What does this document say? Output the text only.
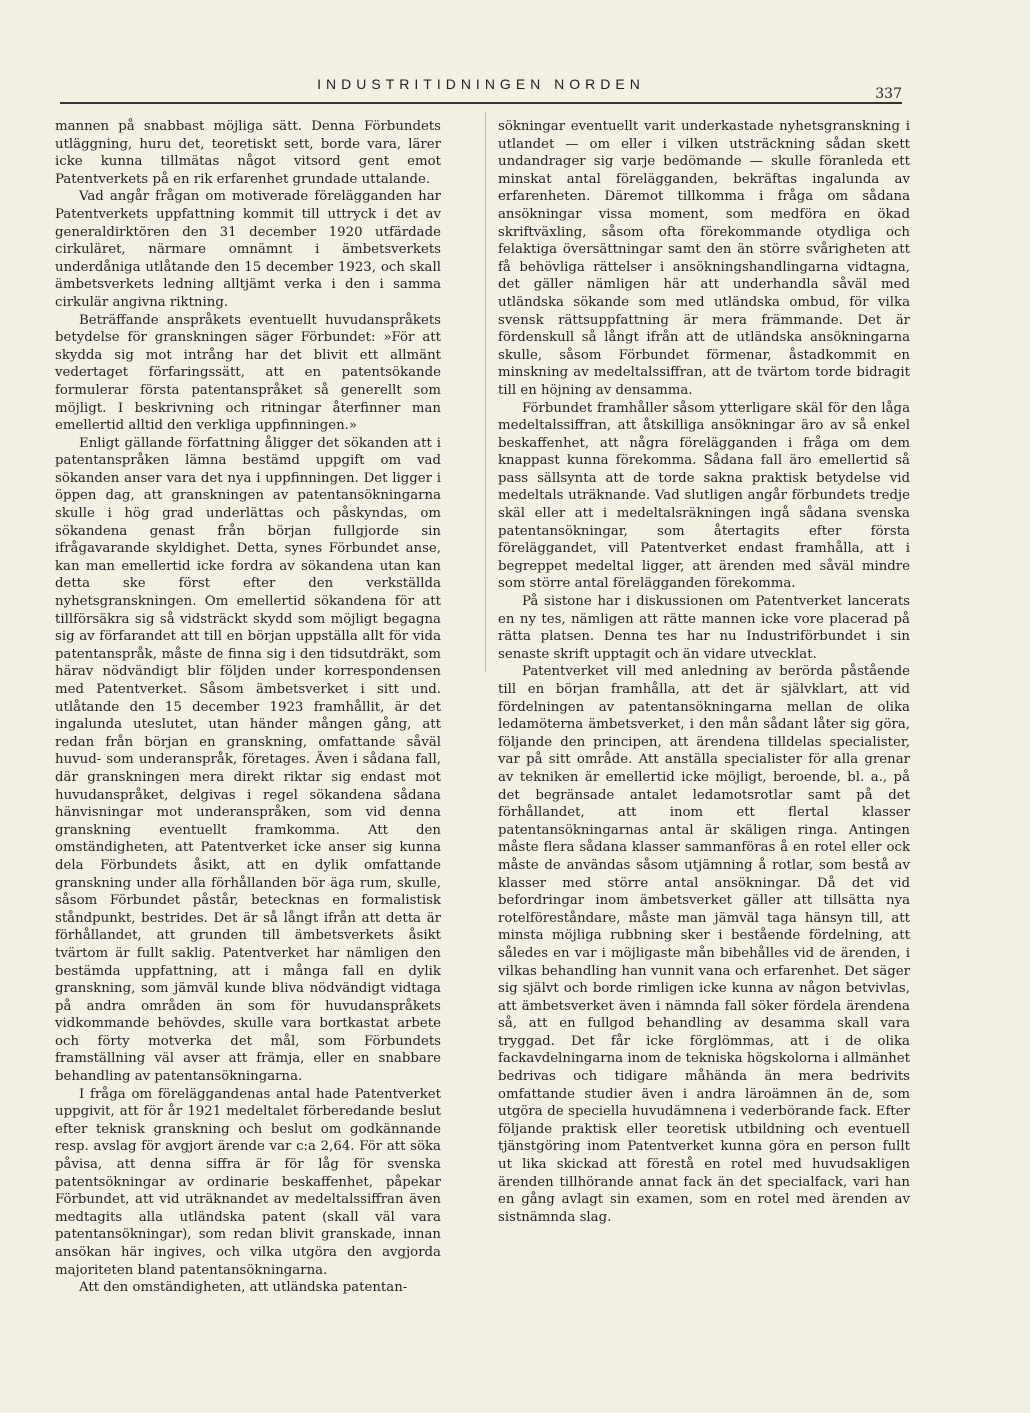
INDUSTRITIDNINGEN NORDEN
337

mannen på snabbast möjliga sätt. Denna Förbundets utläggning, huru det, teoretiskt sett, borde vara, lärer icke kunna tillmätas något vitsord gent emot Patentverkets på en rik erfarenhet grundade uttalande.

Vad angår frågan om motiverade förelägganden har Patentverkets uppfattning kommit till uttryck i det av generaldirktören den 31 december 1920 utfärdade cirkuläret, närmare omnämnt i ämbetsverkets underdåniga utlåtande den 15 december 1923, och skall ämbetsverkets ledning alltjämt verka i den i samma cirkulär angivna riktning.

Beträffande anspråkets eventuellt huvudanspråkets betydelse för granskningen säger Förbundet: »För att skydda sig mot intrång har det blivit ett allmänt vedertaget förfaringssätt, att en patentsökande formulerar första patentanspråket så generellt som möjligt. I beskrivning och ritningar återfinner man emellertid alltid den verkliga uppfinningen.»

Enligt gällande författning åligger det sökanden att i patentanspråken lämna bestämd uppgift om vad sökanden anser vara det nya i uppfinningen. Det ligger i öppen dag, att granskningen av patentansökningarna skulle i hög grad underlättas och påskyndas, om sökandena genast från början fullgjorde sin ifrågavarande skyldighet. Detta, synes Förbundet anse, kan man emellertid icke fordra av sökandena utan kan detta ske först efter den verkställda nyhetsgranskningen. Om emellertid sökandena för att tillförsäkra sig så vidsträckt skydd som möjligt begagna sig av förfarandet att till en början uppställa allt för vida patentanspråk, måste de finna sig i den tidsutdräkt, som härav nödvändigt blir följden under korrespondensen med Patentverket. Såsom ämbetsverket i sitt und. utlåtande den 15 december 1923 framhållit, är det ingalunda uteslutet, utan händer mången gång, att redan från början en granskning, omfattande såväl huvud- som underanspråk, företages. Även i sådana fall, där granskningen mera direkt riktar sig endast mot huvudanspråket, delgivas i regel sökandena sådana hänvisningar mot underanspråken, som vid denna granskning eventuellt framkomma. Att den omständigheten, att Patentverket icke anser sig kunna dela Förbundets åsikt, att en dylik omfattande granskning under alla förhållanden bör äga rum, skulle, såsom Förbundet påstår, betecknas en formalistisk ståndpunkt, bestrides. Det är så långt ifrån att detta är förhållandet, att grunden till ämbetsverkets åsikt tvärtom är fullt saklig. Patentverket har nämligen den bestämda uppfattning, att i många fall en dylik granskning, som jämväl kunde bliva nödvändigt vidtaga på andra områden än som för huvudanspråkets vidkommande behövdes, skulle vara bortkastat arbete och förty motverka det mål, som Förbundets framställning väl avser att främja, eller en snabbare behandling av patentansökningarna.

I fråga om föreläggandenas antal hade Patentverket uppgivit, att för år 1921 medeltalet förberedande beslut efter teknisk granskning och beslut om godkännande resp. avslag för avgjort ärende var c:a 2,64. För att söka påvisa, att denna siffra är för låg för svenska patentsökningar av ordinarie beskaffenhet, påpekar Förbundet, att vid uträknandet av medeltalssiffran även medtagits alla utländska patent (skall väl vara patentansökningar), som redan blivit granskade, innan ansökan här ingives, och vilka utgöra den avgjorda majoriteten bland patentansökningarna.

Att den omständigheten, att utländska patentan-

sökningar eventuellt varit underkastade nyhetsgranskning i utlandet — om eller i vilken utsträckning sådan skett undandrager sig varje bedömande — skulle föranleda ett minskat antal förelägganden, bekräftas ingalunda av erfarenheten. Däremot tillkomma i fråga om sådana ansökningar vissa moment, som medföra en ökad skriftväxling, såsom ofta förekommande otydliga och felaktiga översättningar samt den än större svårigheten att få behövliga rättelser i ansökningshandlingarna vidtagna, det gäller nämligen här att underhandla såväl med utländska sökande som med utländska ombud, för vilka svensk rättsuppfattning är mera främmande. Det är fördenskull så långt ifrån att de utländska ansökningarna skulle, såsom Förbundet förmenar, åstadkommit en minskning av medeltalssiffran, att de tvärtom torde bidragit till en höjning av densamma.

Förbundet framhåller såsom ytterligare skäl för den låga medeltalssiffran, att åtskilliga ansökningar äro av så enkel beskaffenhet, att några förelägganden i fråga om dem knappast kunna förekomma. Sådana fall äro emellertid så pass sällsynta att de torde sakna praktisk betydelse vid medeltals uträknande. Vad slutligen angår förbundets tredje skäl eller att i medeltalsräkningen ingå sådana svenska patentansökningar, som återtagits efter första föreläggandet, vill Patentverket endast framhålla, att i begreppet medeltal ligger, att ärenden med såväl mindre som större antal förelägganden förekomma.

På sistone har i diskussionen om Patentverket lancerats en ny tes, nämligen att rätte mannen icke vore placerad på rätta platsen. Denna tes har nu Industriförbundet i sin senaste skrift upptagit och än vidare utvecklat.

Patentverket vill med anledning av berörda påstående till en början framhålla, att det är självklart, att vid fördelningen av patentansökningarna mellan de olika ledamöterna ämbetsverket, i den mån sådant låter sig göra, följande den principen, att ärendena tilldelas specialister, var på sitt område. Att anställa specialister för alla grenar av tekniken är emellertid icke möjligt, beroende, bl. a., på det begränsade antalet ledamotsrotlar samt på det förhållandet, att inom ett flertal klasser patentansökningarnas antal är skäligen ringa. Antingen måste flera sådana klasser sammanföras å en rotel eller ock måste de användas såsom utjämning å rotlar, som bestå av klasser med större antal ansökningar. Då det vid befordringar inom ämbetsverket gäller att tillsätta nya rotelföreståndare, måste man jämväl taga hänsyn till, att minsta möjliga rubbning sker i bestående fördelning, att således en var i möjligaste mån bibehålles vid de ärenden, i vilkas behandling han vunnit vana och erfarenhet. Det säger sig självt och borde rimligen icke kunna av någon betvivlas, att ämbetsverket även i nämnda fall söker fördela ärendena så, att en fullgod behandling av desamma skall vara tryggad. Det får icke förglömmas, att i de olika fackavdelningarna inom de tekniska högskolorna i allmänhet bedrivas och tidigare måhända än mera bedrivits omfattande studier även i andra läroämnen än de, som utgöra de speciella huvudämnena i vederbörande fack. Efter följande praktisk eller teoretisk utbildning och eventuell tjänstgöring inom Patentverket kunna göra en person fullt ut lika skickad att förestå en rotel med huvudsakligen ärenden tillhörande annat fack än det specialfack, vari han en gång avlagt sin examen, som en rotel med ärenden av sistnämnda slag.
